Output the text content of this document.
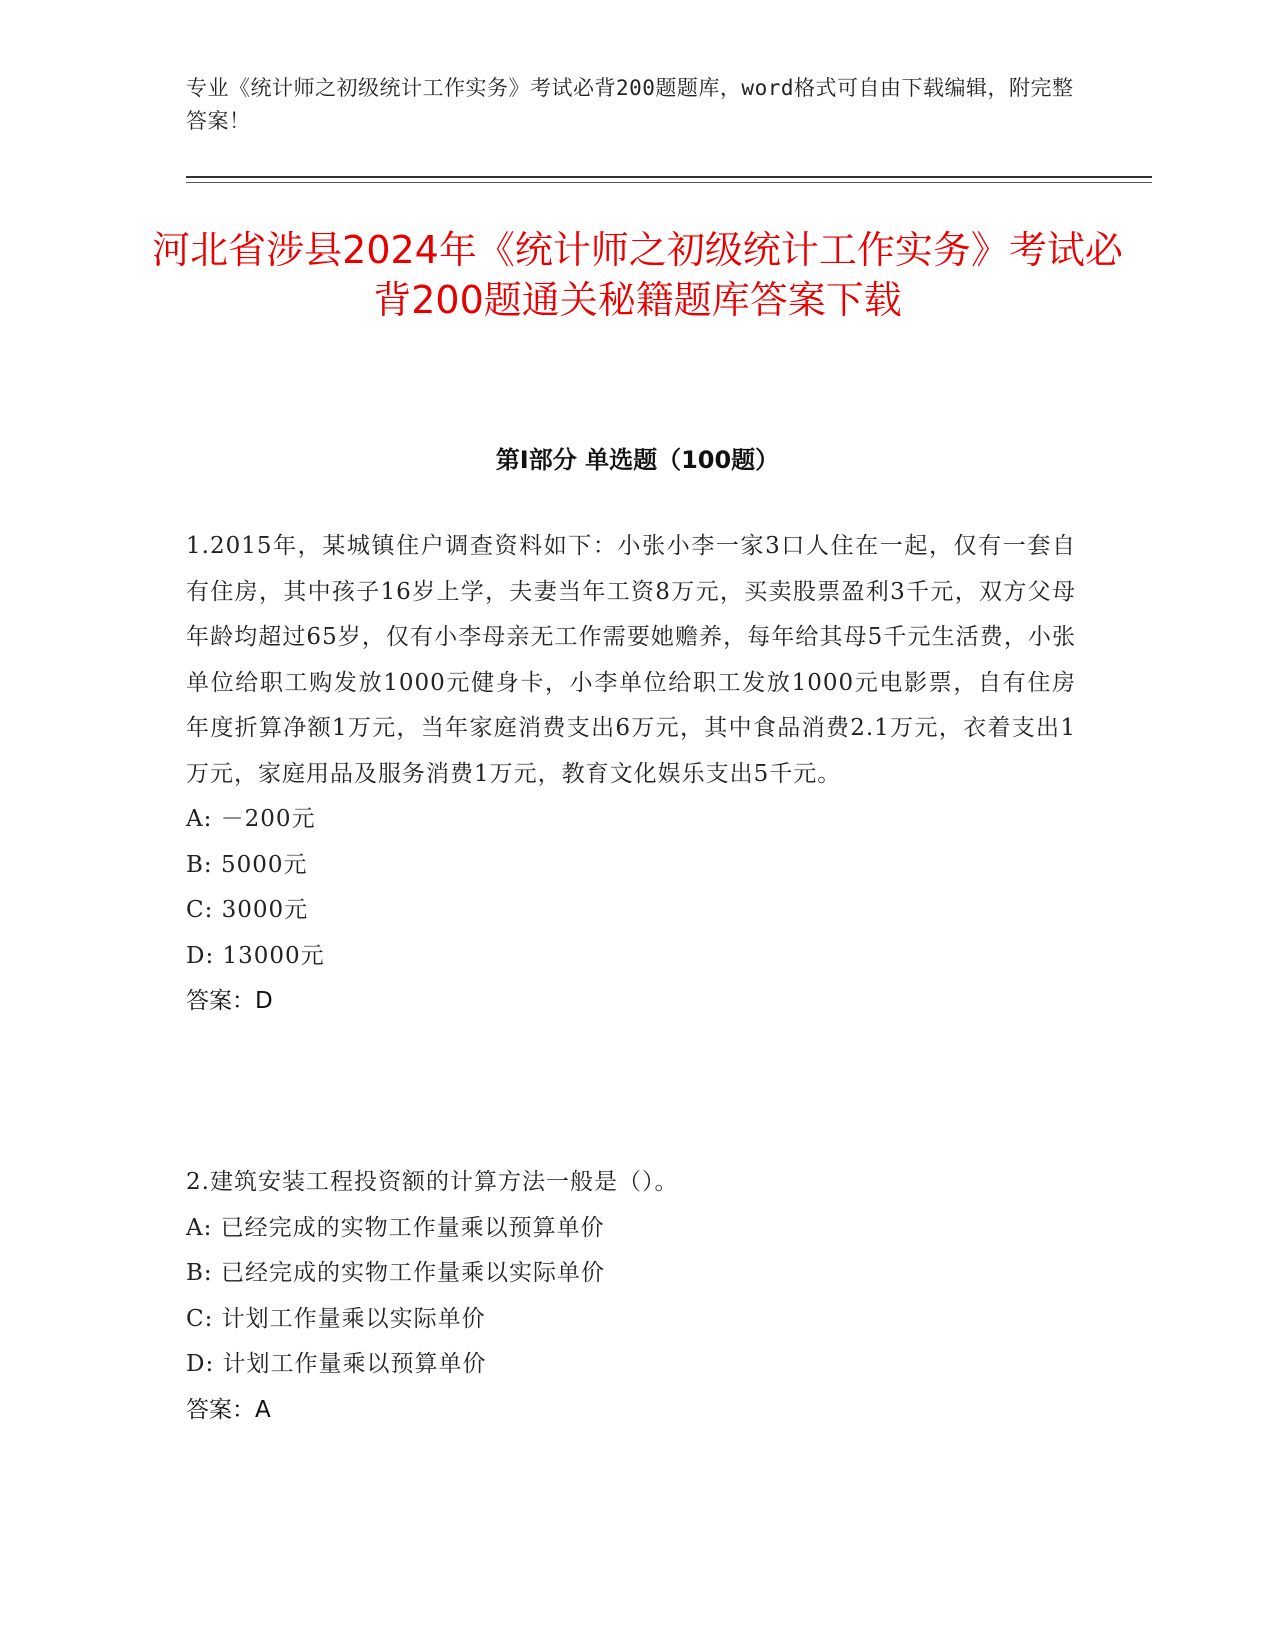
专业《统计师之初级统计工作实务》考试必背200题题库，word格式可自由下载编辑，附完整答案！
河北省涉县2024年《统计师之初级统计工作实务》考试必背200题通关秘籍题库答案下载
第Ⅰ部分 单选题（100题）
1.2015年，某城镇住户调查资料如下：小张小李一家3口人住在一起，仅有一套自有住房，其中孩子16岁上学，夫妻当年工资8万元，买卖股票盈利3千元，双方父母年龄均超过65岁，仅有小李母亲无工作需要她赡养，每年给其母5千元生活费，小张单位给职工购发放1000元健身卡，小李单位给职工发放1000元电影票，自有住房年度折算净额1万元，当年家庭消费支出6万元，其中食品消费2.1万元，衣着支出1万元，家庭用品及服务消费1万元，教育文化娱乐支出5千元。
A: －200元
B: 5000元
C: 3000元
D: 13000元
答案：D
2.建筑安装工程投资额的计算方法一般是（）。
A: 已经完成的实物工作量乘以预算单价
B: 已经完成的实物工作量乘以实际单价
C: 计划工作量乘以实际单价
D: 计划工作量乘以预算单价
答案：A
